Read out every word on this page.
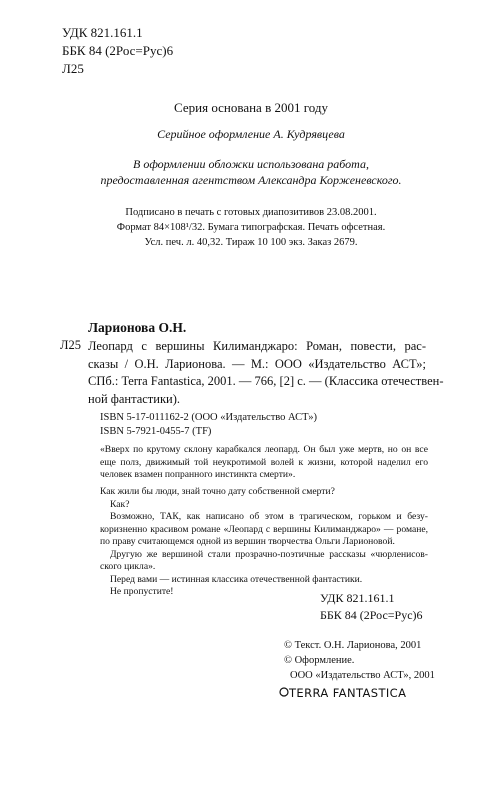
УДК 821.161.1
ББК 84 (2Рос=Рус)6
Л25
Серия основана в 2001 году
Серийное оформление А. Кудрявцева
В оформлении обложки использована работа,
предоставленная агентством Александра Корженевского.
Подписано в печать с готовых диапозитивов 23.08.2001.
Формат 84×108¹/32. Бумага типографская. Печать офсетная.
Усл. печ. л. 40,32. Тираж 10 100 экз. Заказ 2679.
Ларионова О.Н.
Л25 Леопард с вершины Килиманджаро: Роман, повести, рас-
сказы / О.Н. Ларионова. — М.: ООО «Издательство АСТ»;
СПб.: Terra Fantastica, 2001. — 766, [2] с. — (Классика отечествен-
ной фантастики).
ISBN 5-17-011162-2 (ООО «Издательство АСТ»)
ISBN 5-7921-0455-7 (TF)
«Вверх по крутому склону карабкался леопард. Он был уже мертв, но он все
еще полз, движимый той неукротимой волей к жизни, которой наделил его
человек взамен попранного инстинкта смерти».
Как жили бы люди, знай точно дату собственной смерти?
Как?
Возможно, ТАК, как написано об этом в трагическом, горьком и безу-
коризненно красивом романе «Леопард с вершины Килиманджаро» — романе,
по праву считающемся одной из вершин творчества Ольги Ларионовой.
Другую же вершиной стали прозрачно-поэтичные рассказы «чюрленисов-
ского цикла».
Перед вами — истинная классика отечественной фантастики.
Не пропустите!	УДК 821.161.1
ББК 84 (2Рос=Рус)6
© Текст. О.Н. Ларионова, 2001
© Оформление.
ООО «Издательство АСТ», 2001
TERRA FANTASTICA
